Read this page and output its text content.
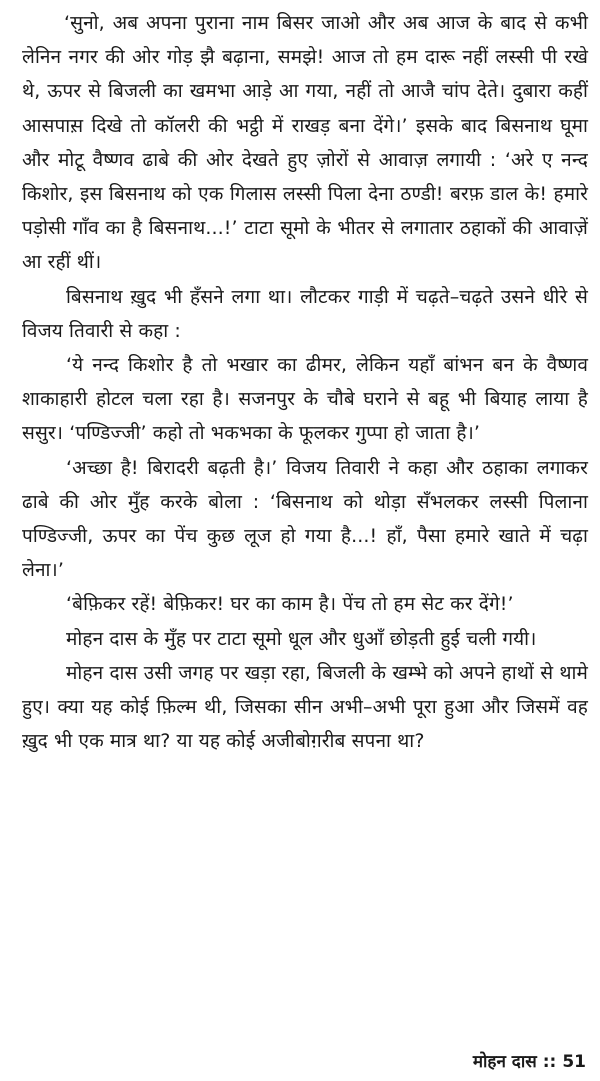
‘सुनो, अब अपना पुराना नाम बिसर जाओ और अब आज के बाद से कभी लेनिन नगर की ओर गोड़ झै बढ़ाना, समझे! आज तो हम दारू नहीं लस्सी पी रखे थे, ऊपर से बिजली का खमभा आड़े आ गया, नहीं तो आजै चांप देते। दुबारा कहीं आसपास़ दिखे तो कॉलरी की भट्ठी में राखड़ बना देंगे।’ इसके बाद बिसनाथ घूमा और मोटू वैष्णव ढाबे की ओर देखते हुए ज़ोरों से आवाज़ लगायी : ‘अरे ए नन्द किशोर, इस बिसनाथ को एक गिलास लस्सी पिला देना ठण्डी! बरफ़ डाल के! हमारे पड़ोसी गाँव का है बिसनाथ...!’ टाटा सूमो के भीतर से लगातार ठहाकों की आवाज़ें आ रहीं थीं।

बिसनाथ ख़ुद भी हँसने लगा था। लौटकर गाड़ी में चढ़ते–चढ़ते उसने धीरे से विजय तिवारी से कहा :

‘ये नन्द किशोर है तो भखार का ढीमर, लेकिन यहाँ बांभन बन के वैष्णव शाकाहारी होटल चला रहा है। सजनपुर के चौबे घराने से बहू भी बियाह लाया है ससुर। ‘पण्डिज्जी’ कहो तो भकभका के फूलकर गुप्पा हो जाता है।’

‘अच्छा है! बिरादरी बढ़ती है।’ विजय तिवारी ने कहा और ठहाका लगाकर ढाबे की ओर मुँह करके बोला : ‘बिसनाथ को थोड़ा सँभलकर लस्सी पिलाना पण्डिज्जी, ऊपर का पेंच कुछ लूज हो गया है...! हाँ, पैसा हमारे खाते में चढ़ा लेना।’

‘बेफ़िकर रहें! बेफ़िकर! घर का काम है। पेंच तो हम सेट कर देंगे!’

मोहन दास के मुँह पर टाटा सूमो धूल और धुआँ छोड़ती हुई चली गयी।

मोहन दास उसी जगह पर खड़ा रहा, बिजली के खम्भे को अपने हाथों से थामे हुए। क्या यह कोई फ़िल्म थी, जिसका सीन अभी–अभी पूरा हुआ और जिसमें वह ख़ुद भी एक मात्र था? या यह कोई अजीबोग़रीब सपना था?

मोहन दास :: 51
